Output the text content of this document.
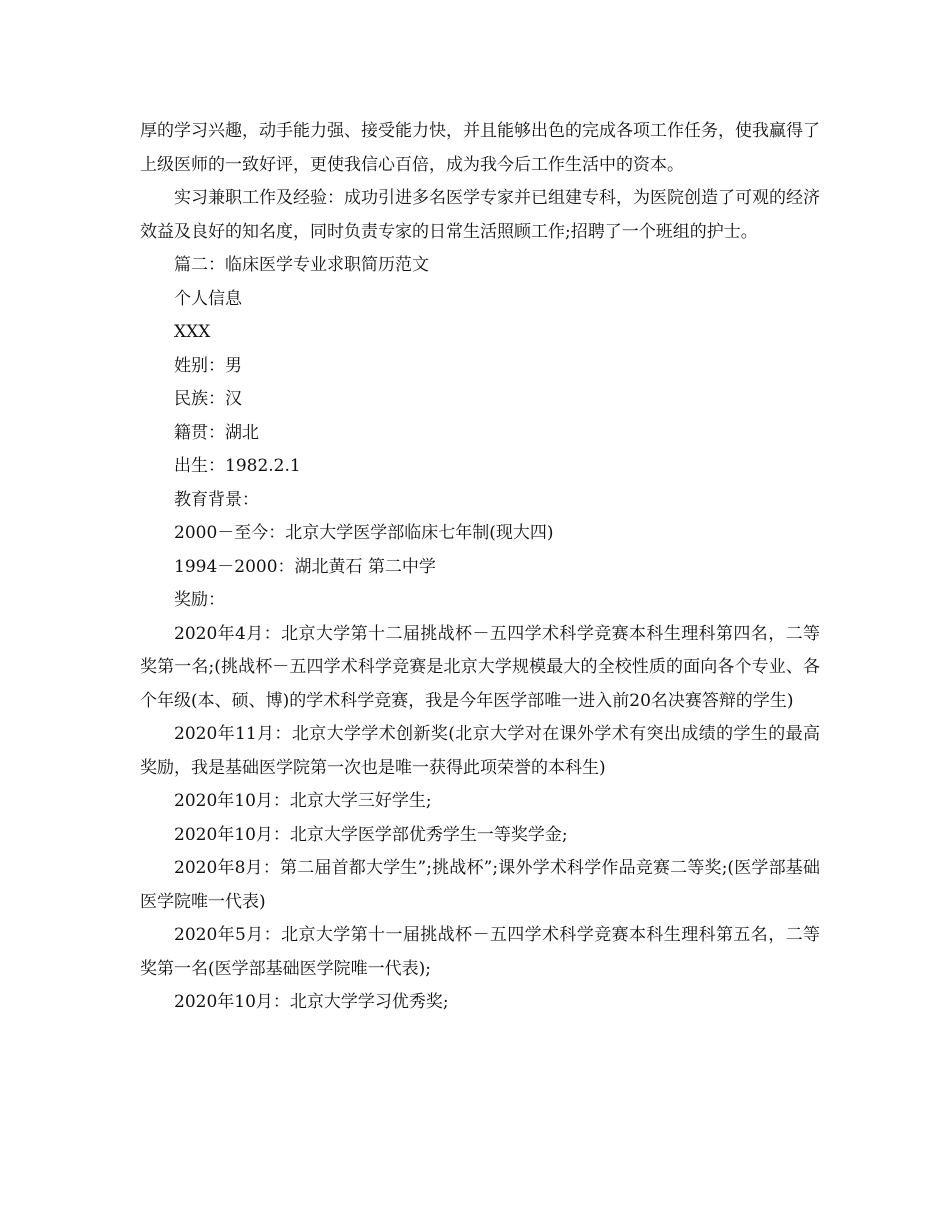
厚的学习兴趣，动手能力强、接受能力快，并且能够出色的完成各项工作任务，使我赢得了上级医师的一致好评，更使我信心百倍，成为我今后工作生活中的资本。

实习兼职工作及经验：成功引进多名医学专家并已组建专科，为医院创造了可观的经济效益及良好的知名度，同时负责专家的日常生活照顾工作;招聘了一个班组的护士。

篇二：临床医学专业求职简历范文

个人信息

XXX

姓别：男

民族：汉

籍贯：湖北

出生：1982.2.1

教育背景：

2000－至今：北京大学医学部临床七年制(现大四)

1994－2000：湖北黄石 第二中学

奖励：

2020年4月：北京大学第十二届挑战杯－五四学术科学竞赛本科生理科第四名，二等奖第一名;(挑战杯－五四学术科学竞赛是北京大学规模最大的全校性质的面向各个专业、各个年级(本、硕、博)的学术科学竞赛，我是今年医学部唯一进入前20名决赛答辩的学生)

2020年11月：北京大学学术创新奖(北京大学对在课外学术有突出成绩的学生的最高奖励，我是基础医学院第一次也是唯一获得此项荣誉的本科生)

2020年10月：北京大学三好学生;

2020年10月：北京大学医学部优秀学生一等奖学金;

2020年8月：第二届首都大学生”;挑战杯”;课外学术科学作品竞赛二等奖;(医学部基础医学院唯一代表)

2020年5月：北京大学第十一届挑战杯－五四学术科学竞赛本科生理科第五名，二等奖第一名(医学部基础医学院唯一代表);

2020年10月：北京大学学习优秀奖;
